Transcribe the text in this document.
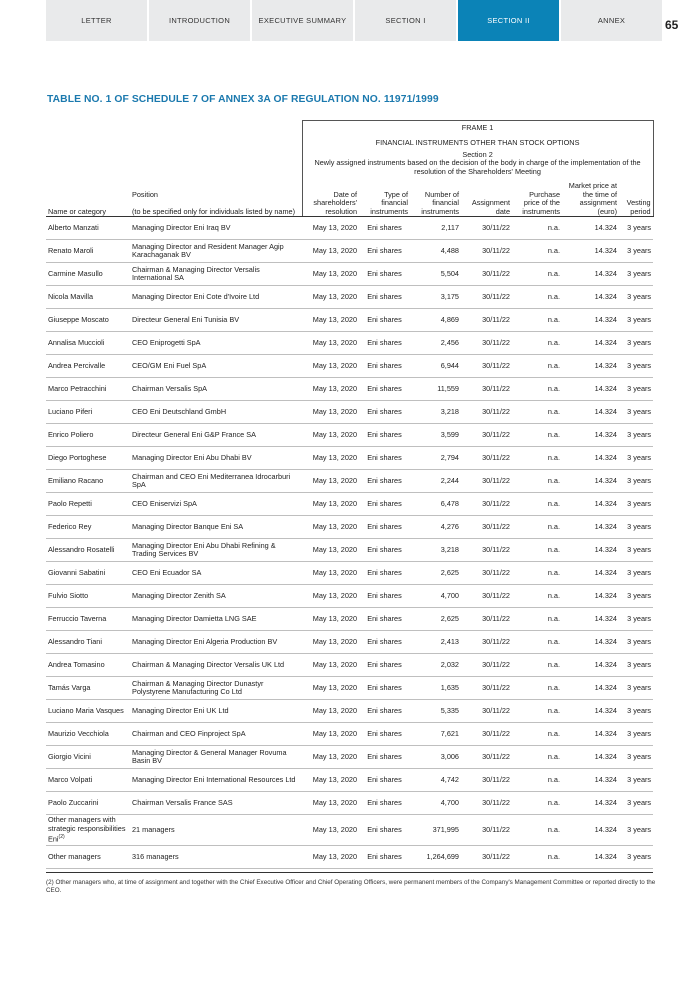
LETTER	INTRODUCTION	EXECUTIVE SUMMARY	SECTION I	SECTION II	ANNEX	65
TABLE NO. 1 OF SCHEDULE 7 OF ANNEX 3A OF REGULATION NO. 11971/1999
		FRAME 1						
		FINANCIAL INSTRUMENTS OTHER THAN STOCK OPTIONS						

		Section 2
Newly assigned instruments based on the decision of the body in charge of the implementation of the resolution of the Shareholders' Meeting						

Name or category	Position
(to be specified only for individuals listed by name)	Date of shareholders' resolution	Type of financial instruments	Number of financial instruments	Assignment date	Purchase price of the instruments	Market price at the time of assignment (euro)	Vesting period
Alberto Manzati	Managing Director Eni Iraq BV	May 13, 2020	Eni shares	2,117	30/11/22	n.a.	14.324	3 years
Renato Maroli	Managing Director and Resident Manager Agip Karachaganak BV	May 13, 2020	Eni shares	4,488	30/11/22	n.a.	14.324	3 years
Carmine Masullo	Chairman & Managing Director Versalis International SA	May 13, 2020	Eni shares	5,504	30/11/22	n.a.	14.324	3 years
Nicola Mavilla	Managing Director Eni Cote d'Ivoire Ltd	May 13, 2020	Eni shares	3,175	30/11/22	n.a.	14.324	3 years
Giuseppe Moscato	Directeur General Eni Tunisia BV	May 13, 2020	Eni shares	4,869	30/11/22	n.a.	14.324	3 years
Annalisa Muccioli	CEO Eniprogetti SpA	May 13, 2020	Eni shares	2,456	30/11/22	n.a.	14.324	3 years
Andrea Percivalle	CEO/GM Eni Fuel SpA	May 13, 2020	Eni shares	6,944	30/11/22	n.a.	14.324	3 years
Marco Petracchini	Chairman Versalis SpA	May 13, 2020	Eni shares	11,559	30/11/22	n.a.	14.324	3 years
Luciano Piferi	CEO Eni Deutschland GmbH	May 13, 2020	Eni shares	3,218	30/11/22	n.a.	14.324	3 years
Enrico Poliero	Directeur General Eni G&P France SA	May 13, 2020	Eni shares	3,599	30/11/22	n.a.	14.324	3 years
Diego Portoghese	Managing Director Eni Abu Dhabi BV	May 13, 2020	Eni shares	2,794	30/11/22	n.a.	14.324	3 years
Emiliano Racano	Chairman and CEO Eni Mediterranea Idrocarburi SpA	May 13, 2020	Eni shares	2,244	30/11/22	n.a.	14.324	3 years
Paolo Repetti	CEO Eniservizi SpA	May 13, 2020	Eni shares	6,478	30/11/22	n.a.	14.324	3 years
Federico Rey	Managing Director Banque Eni SA	May 13, 2020	Eni shares	4,276	30/11/22	n.a.	14.324	3 years
Alessandro Rosatelli	Managing Director Eni Abu Dhabi Refining & Trading Services BV	May 13, 2020	Eni shares	3,218	30/11/22	n.a.	14.324	3 years
Giovanni Sabatini	CEO Eni Ecuador SA	May 13, 2020	Eni shares	2,625	30/11/22	n.a.	14.324	3 years
Fulvio Siotto	Managing Director Zenith SA	May 13, 2020	Eni shares	4,700	30/11/22	n.a.	14.324	3 years
Ferruccio Taverna	Managing Director Damietta LNG SAE	May 13, 2020	Eni shares	2,625	30/11/22	n.a.	14.324	3 years
Alessandro Tiani	Managing Director Eni Algeria Production BV	May 13, 2020	Eni shares	2,413	30/11/22	n.a.	14.324	3 years
Andrea Tomasino	Chairman & Managing Director Versalis UK Ltd	May 13, 2020	Eni shares	2,032	30/11/22	n.a.	14.324	3 years
Tamás Varga	Chairman & Managing Director Dunastyr Polystyrene Manufacturing Co Ltd	May 13, 2020	Eni shares	1,635	30/11/22	n.a.	14.324	3 years
Luciano Maria Vasques	Managing Director Eni UK Ltd	May 13, 2020	Eni shares	5,335	30/11/22	n.a.	14.324	3 years
Maurizio Vecchiola	Chairman and CEO Finproject SpA	May 13, 2020	Eni shares	7,621	30/11/22	n.a.	14.324	3 years
Giorgio Vicini	Managing Director & General Manager Rovuma Basin BV	May 13, 2020	Eni shares	3,006	30/11/22	n.a.	14.324	3 years
Marco Volpati	Managing Director Eni International Resources Ltd	May 13, 2020	Eni shares	4,742	30/11/22	n.a.	14.324	3 years
Paolo Zuccarini	Chairman Versalis France SAS	May 13, 2020	Eni shares	4,700	30/11/22	n.a.	14.324	3 years
Other managers with strategic responsibilities Eni$^{(2)}$	21 managers	May 13, 2020	Eni shares	371,995	30/11/22	n.a.	14.324	3 years
Other managers	316 managers	May 13, 2020	Eni shares	1,264,699	30/11/22	n.a.	14.324	3 years
(2) Other managers who, at time of assignment and together with the Chief Executive Officer and Chief Operating Officers, were permanent members of the Company's Management Committee or reported directly to the CEO.
